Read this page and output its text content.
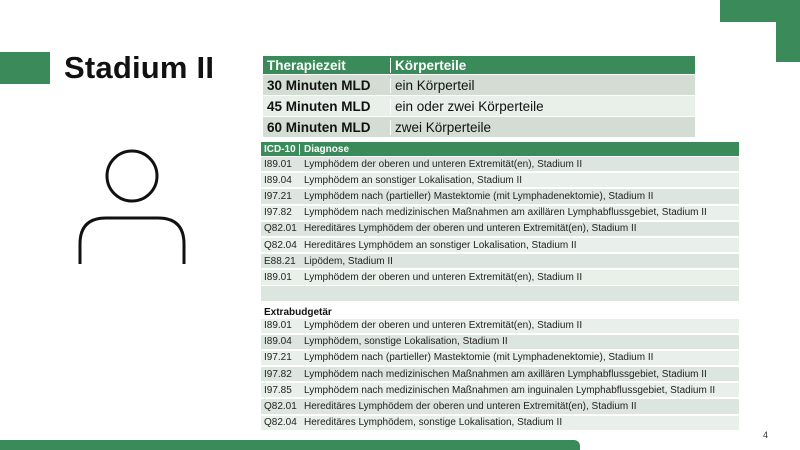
Stadium II	Therapiezeit	Körperteile
30 Minuten MLD	ein Körperteil
45 Minuten MLD	ein oder zwei Körperteile
60 Minuten MLD	zwei Körperteile
ICD-10 Diagnose
I89.01	Lymphödem der oberen und unteren Extremität(en), Stadium II
I89.04	Lymphödem an sonstiger Lokalisation, Stadium II
I97.21	Lymphödem nach (partieller) Mastektomie (mit Lymphadenektomie), Stadium II
I97.82	Lymphödem nach medizinischen Maßnahmen am axillären Lymphabflussgebiet, Stadium II
Q82.01 Hereditäres Lymphödem der oberen und unteren Extremität(en), Stadium II
Q82.04 Hereditäres Lymphödem an sonstiger Lokalisation, Stadium II
E88.21 Lipödem, Stadium II
I89.01	Lymphödem der oberen und unteren Extremität(en), Stadium II
Extrabudgetär
I89.01	Lymphödem der oberen und unteren Extremität(en), Stadium II
I89.04	Lymphödem, sonstige Lokalisation, Stadium II
I97.21	Lymphödem nach (partieller) Mastektomie (mit Lymphadenektomie), Stadium II
I97.82	Lymphödem nach medizinischen Maßnahmen am axillären Lymphabflussgebiet, Stadium II
I97.85	Lymphödem nach medizinischen Maßnahmen am inguinalen Lymphabflussgebiet, Stadium II
Q82.01 Hereditäres Lymphödem der oberen und unteren Extremität(en), Stadium II
Q82.04 Hereditäres Lymphödem, sonstige Lokalisation, Stadium II
4
